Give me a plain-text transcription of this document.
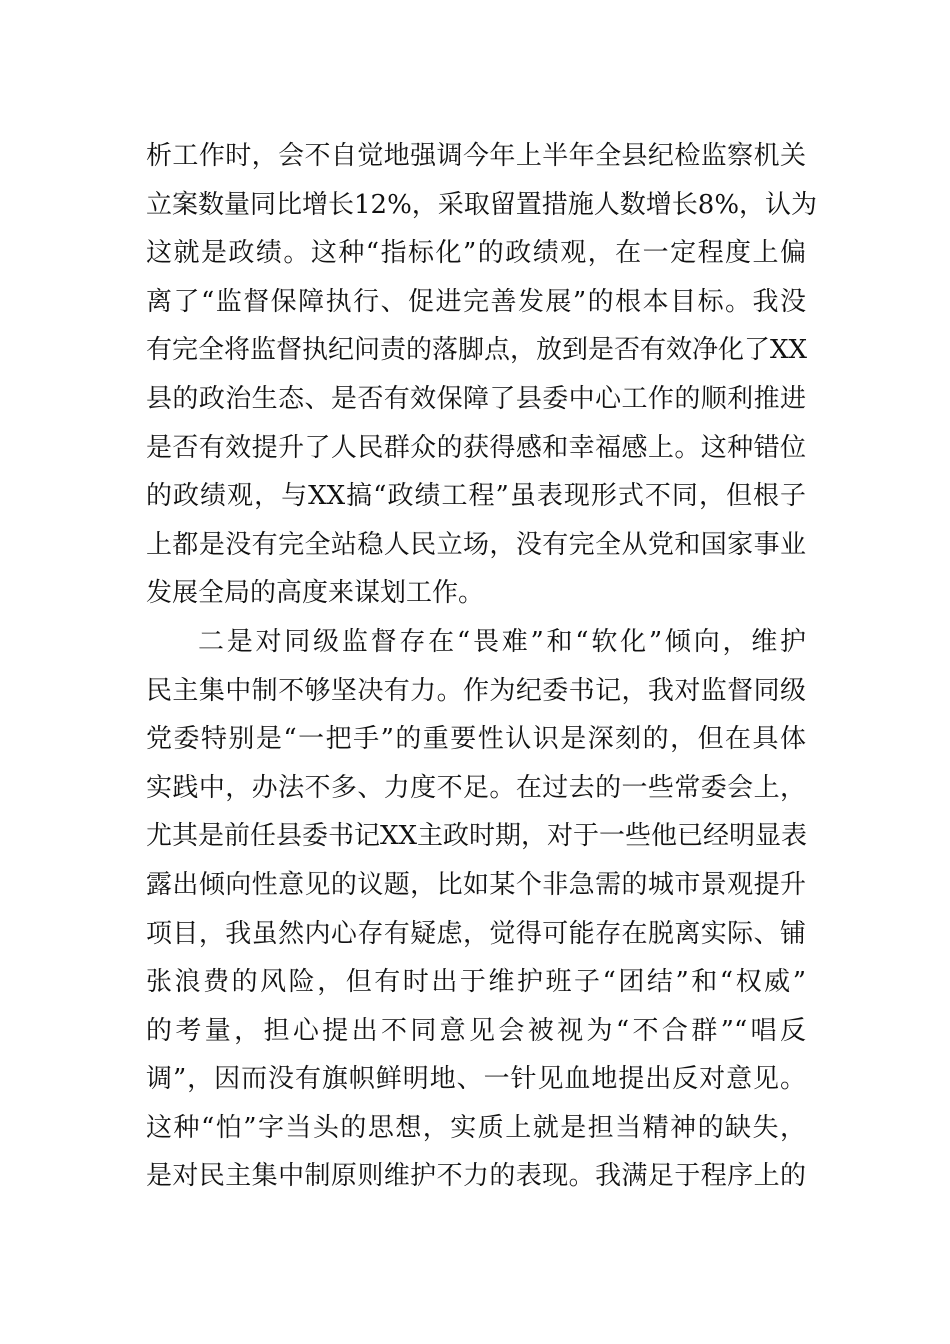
析工作时，会不自觉地强调今年上半年全县纪检监察机关
立案数量同比增长12%，采取留置措施人数增长8%，认为
这就是政绩。这种“指标化”的政绩观，在一定程度上偏
离了“监督保障执行、促进完善发展”的根本目标。我没
有完全将监督执纪问责的落脚点，放到是否有效净化了XX
县的政治生态、是否有效保障了县委中心工作的顺利推进
是否有效提升了人民群众的获得感和幸福感上。这种错位
的政绩观，与XX搞“政绩工程”虽表现形式不同，但根子
上都是没有完全站稳人民立场，没有完全从党和国家事业
发展全局的高度来谋划工作。
二是对同级监督存在“畏难”和“软化”倾向，维护
民主集中制不够坚决有力。作为纪委书记，我对监督同级
党委特别是“一把手”的重要性认识是深刻的，但在具体
实践中，办法不多、力度不足。在过去的一些常委会上，
尤其是前任县委书记XX主政时期，对于一些他已经明显表
露出倾向性意见的议题，比如某个非急需的城市景观提升
项目，我虽然内心存有疑虑，觉得可能存在脱离实际、铺
张浪费的风险，但有时出于维护班子“团结”和“权威”
的考量，担心提出不同意见会被视为“不合群”“唱反
调”，因而没有旗帜鲜明地、一针见血地提出反对意见。
这种“怕”字当头的思想，实质上就是担当精神的缺失，
是对民主集中制原则维护不力的表现。我满足于程序上的
